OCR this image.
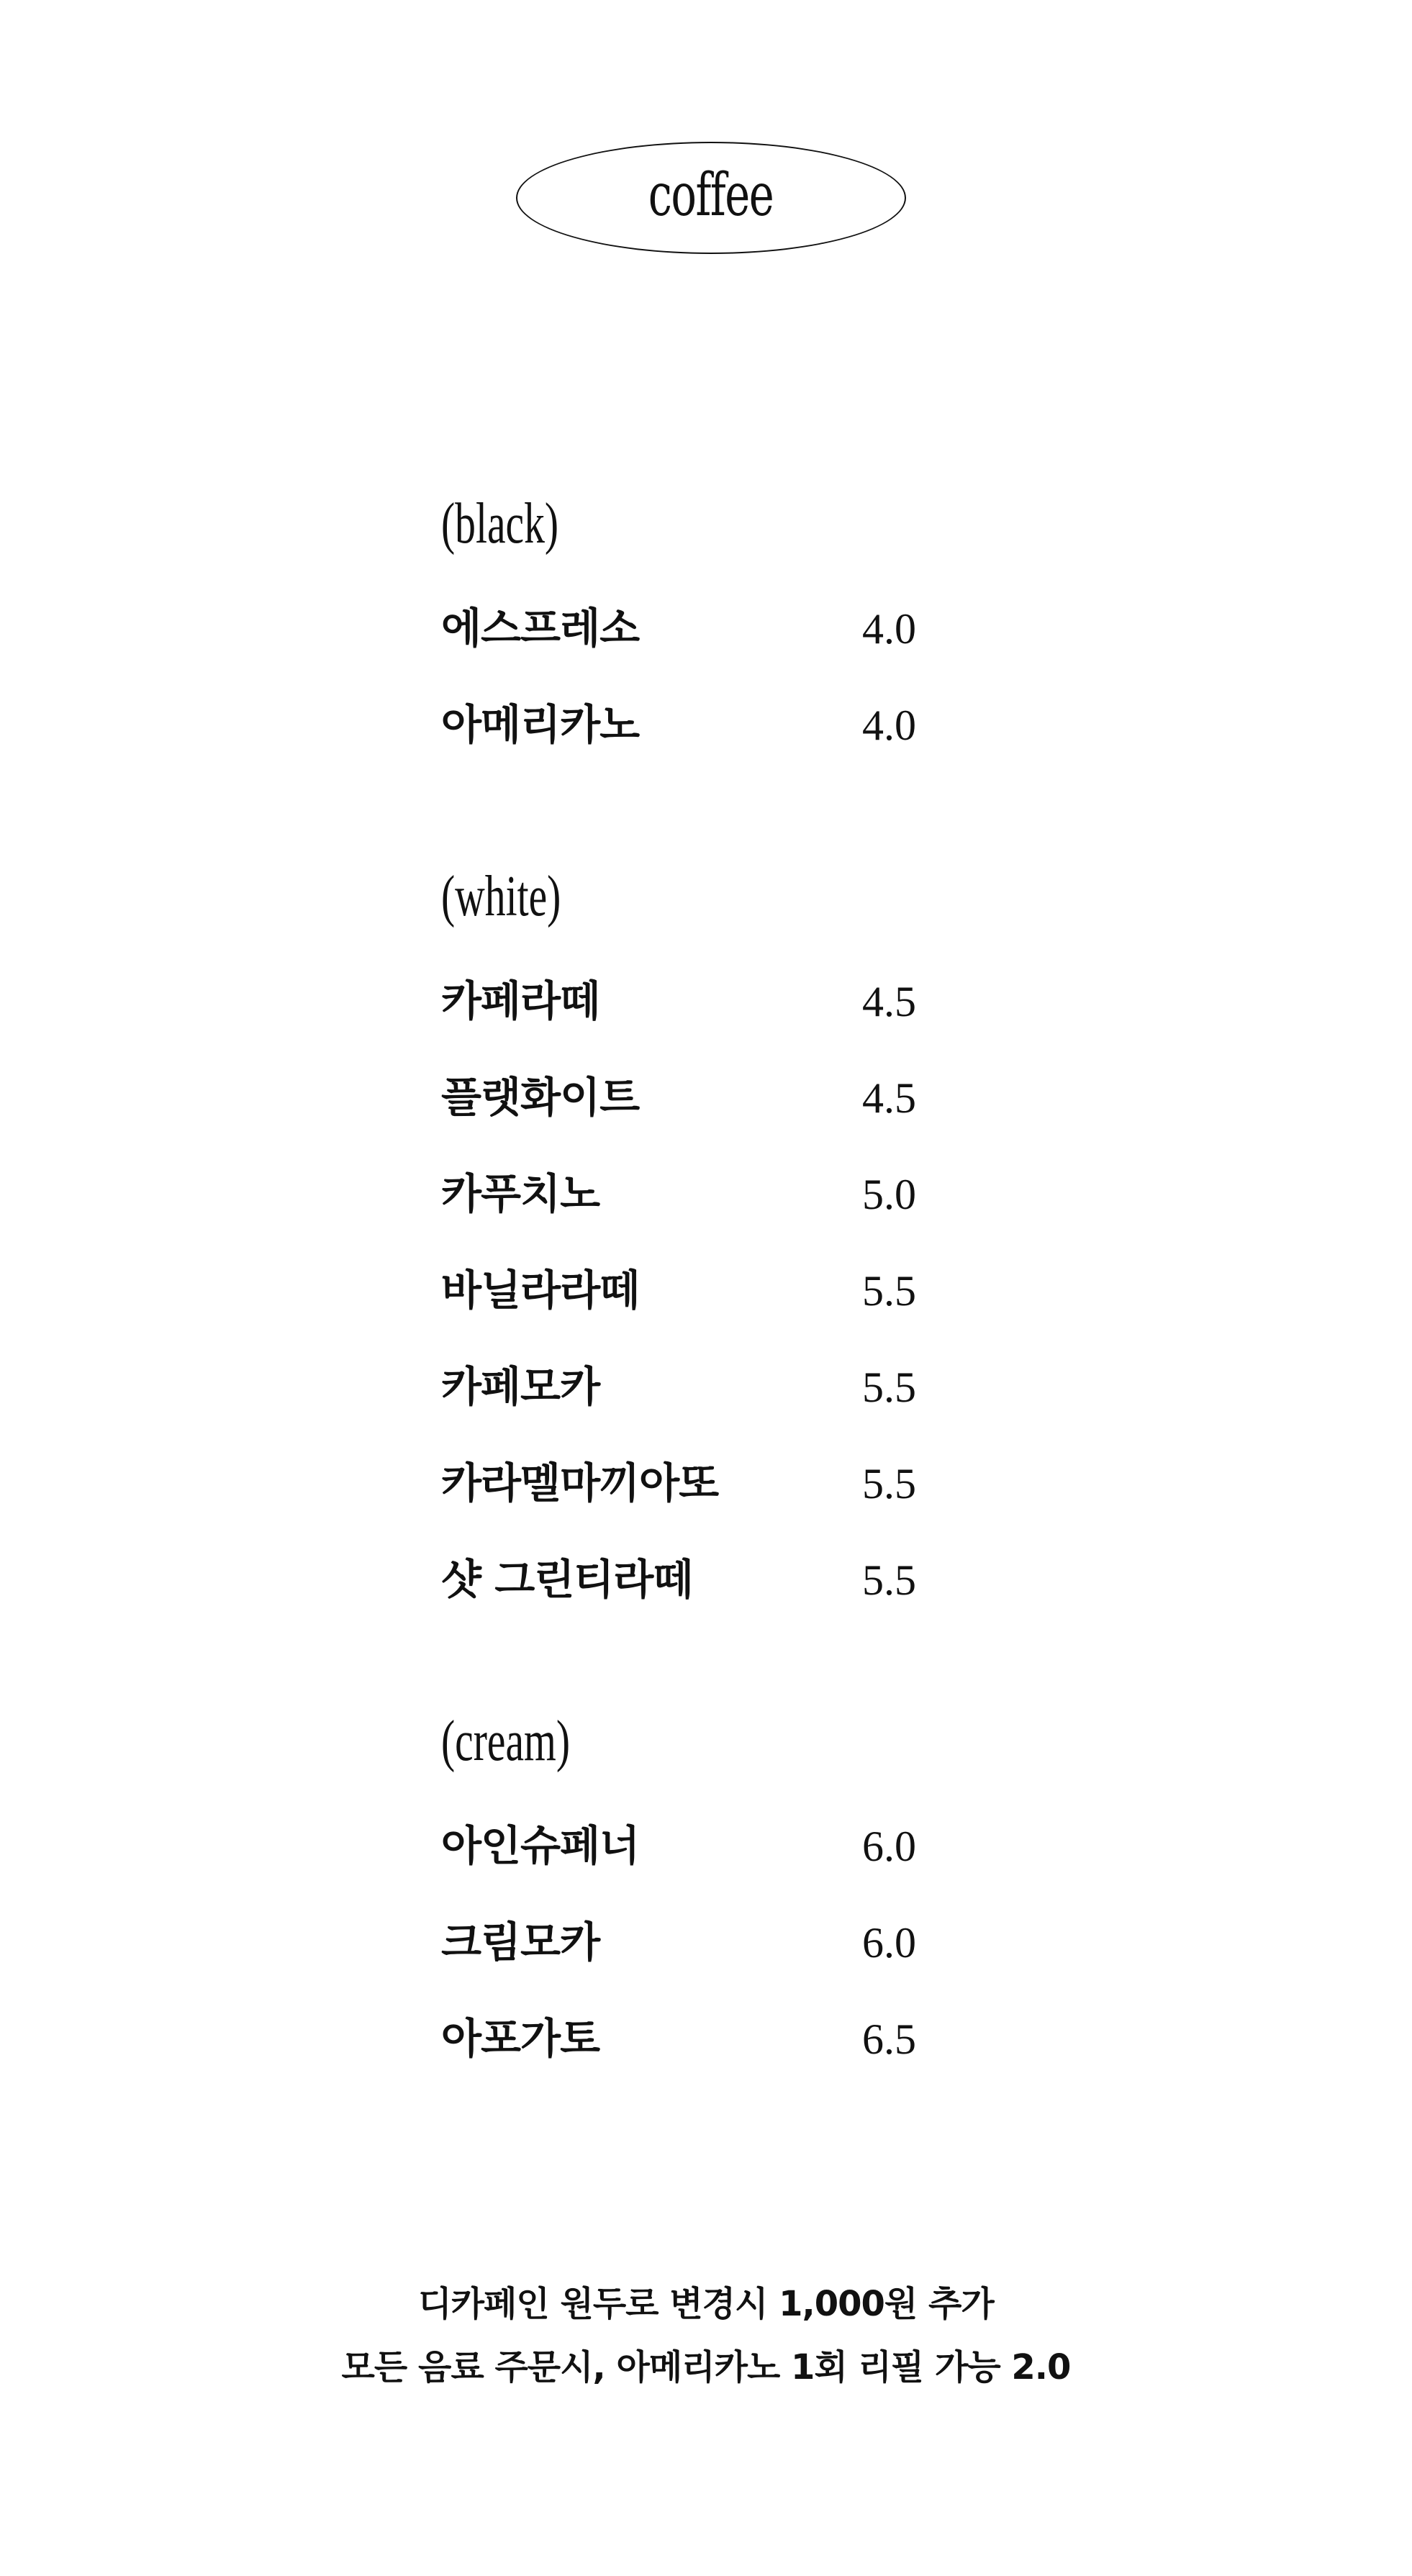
coffee
(black)
에스프레소	4.0
아메리카노	4.0
(white)
카페라떼	4.5
플랫화이트	4.5
카푸치노	5.0
바닐라라떼	5.5
카페모카	5.5
카라멜마끼아또	5.5
샷 그린티라떼	5.5
(cream)
아인슈페너	6.0
크림모카	6.0
아포가토	6.5
디카페인 원두로 변경시 1,000원 추가
모든 음료 주문시, 아메리카노 1회 리필 가능 2.0
